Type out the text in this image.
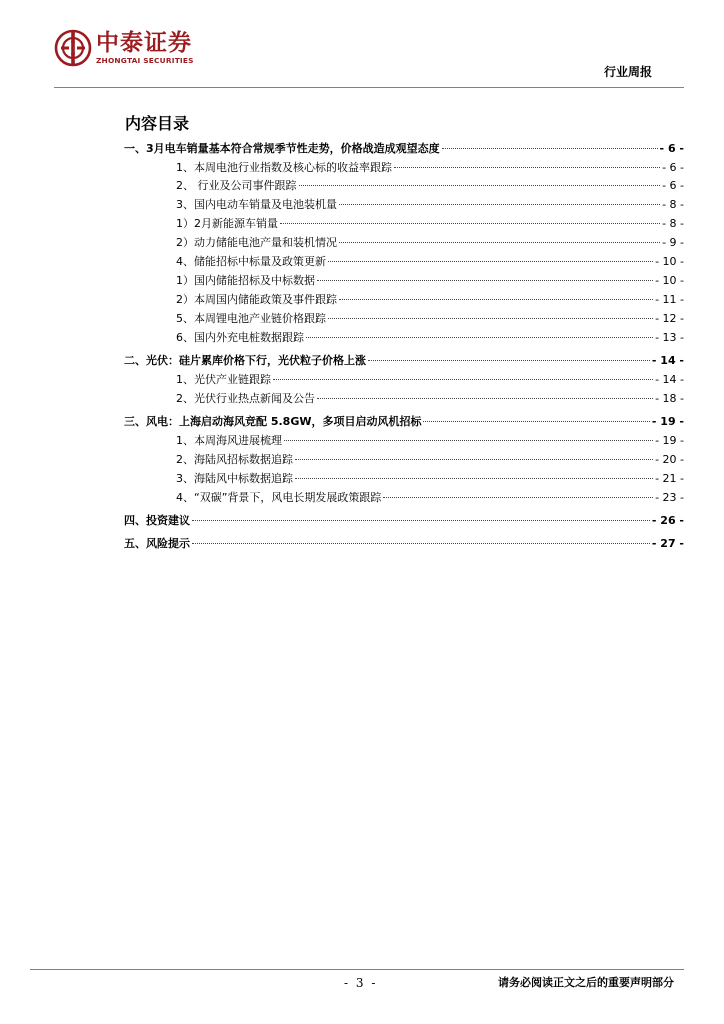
中泰证券
ZHONGTAI SECURITIES
行业周报
内容目录
一、3月电车销量基本符合常规季节性走势，价格战造成观望态度	- 6 -
1、本周电池行业指数及核心标的收益率跟踪	- 6 -
2、 行业及公司事件跟踪	- 6 -
3、国内电动车销量及电池装机量	- 8 -
1）2月新能源车销量	- 8 -
2）动力储能电池产量和装机情况	- 9 -
4、储能招标中标量及政策更新	- 10 -
1）国内储能招标及中标数据	- 10 -
2）本周国内储能政策及事件跟踪	- 11 -
5、本周锂电池产业链价格跟踪	- 12 -
6、国内外充电桩数据跟踪	- 13 -
二、光伏：硅片累库价格下行，光伏粒子价格上涨	- 14 -
1、光伏产业链跟踪	- 14 -
2、光伏行业热点新闻及公告	- 18 -
三、风电：上海启动海风竞配 5.8GW，多项目启动风机招标	- 19 -
1、本周海风进展梳理	- 19 -
2、海陆风招标数据追踪	- 20 -
3、海陆风中标数据追踪	- 21 -
4、“双碳”背景下，风电长期发展政策跟踪	- 23 -
四、投资建议	- 26 -
五、风险提示	- 27 -
- 3 -	请务必阅读正文之后的重要声明部分
